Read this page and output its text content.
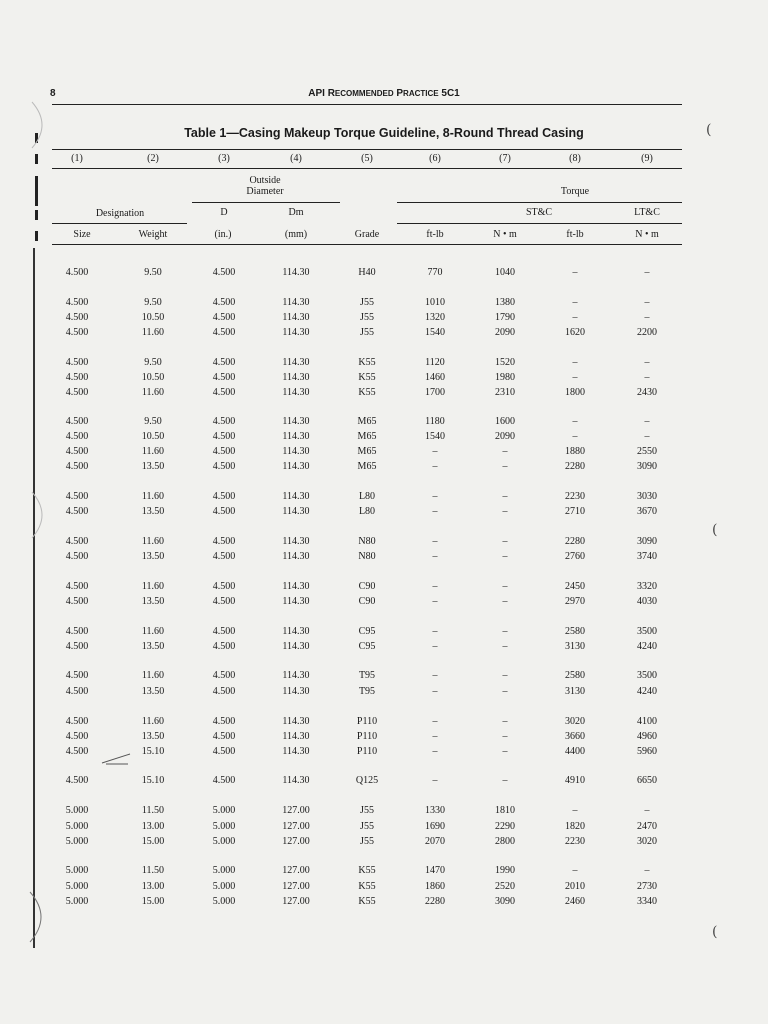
8	API RECOMMENDED PRACTICE 5C1
Table 1—Casing Makeup Torque Guideline, 8-Round Thread Casing
(1)	(2)	(3)	(4)	(5)	(6)	(7)	(8)	(9)
Outside
Diameter	Torque
Designation	D	Dm	ST&C	LT&C
Size	Weight	(in.)	(mm)	Grade	ft-lb	N • m	ft-lb	N • m
4.500	9.50	4.500	114.30	H40	770	1040	–	–
4.500	9.50	4.500	114.30	J55	1010	1380	–	–
4.500	10.50	4.500	114.30	J55	1320	1790	–	–
4.500	11.60	4.500	114.30	J55	1540	2090	1620	2200
4.500	9.50	4.500	114.30	K55	1120	1520	–	–
4.500	10.50	4.500	114.30	K55	1460	1980	–	–
4.500	11.60	4.500	114.30	K55	1700	2310	1800	2430
4.500	9.50	4.500	114.30	M65	1180	1600	–	–
4.500	10.50	4.500	114.30	M65	1540	2090	–	–
4.500	11.60	4.500	114.30	M65	–	–	1880	2550
4.500	13.50	4.500	114.30	M65	–	–	2280	3090
4.500	11.60	4.500	114.30	L80	–	–	2230	3030
4.500	13.50	4.500	114.30	L80	–	–	2710	3670
4.500	11.60	4.500	114.30	N80	–	–	2280	3090
4.500	13.50	4.500	114.30	N80	–	–	2760	3740
4.500	11.60	4.500	114.30	C90	–	–	2450	3320
4.500	13.50	4.500	114.30	C90	–	–	2970	4030
4.500	11.60	4.500	114.30	C95	–	–	2580	3500
4.500	13.50	4.500	114.30	C95	–	–	3130	4240
4.500	11.60	4.500	114.30	T95	–	–	2580	3500
4.500	13.50	4.500	114.30	T95	–	–	3130	4240
4.500	11.60	4.500	114.30	P110	–	–	3020	4100
4.500	13.50	4.500	114.30	P110	–	–	3660	4960
4.500	15.10	4.500	114.30	P110	–	–	4400	5960
4.500	15.10	4.500	114.30	Q125	–	–	4910	6650
5.000	11.50	5.000	127.00	J55	1330	1810	–	–
5.000	13.00	5.000	127.00	J55	1690	2290	1820	2470
5.000	15.00	5.000	127.00	J55	2070	2800	2230	3020
5.000	11.50	5.000	127.00	K55	1470	1990	–	–
5.000	13.00	5.000	127.00	K55	1860	2520	2010	2730
5.000	15.00	5.000	127.00	K55	2280	3090	2460	3340
(
(
(
